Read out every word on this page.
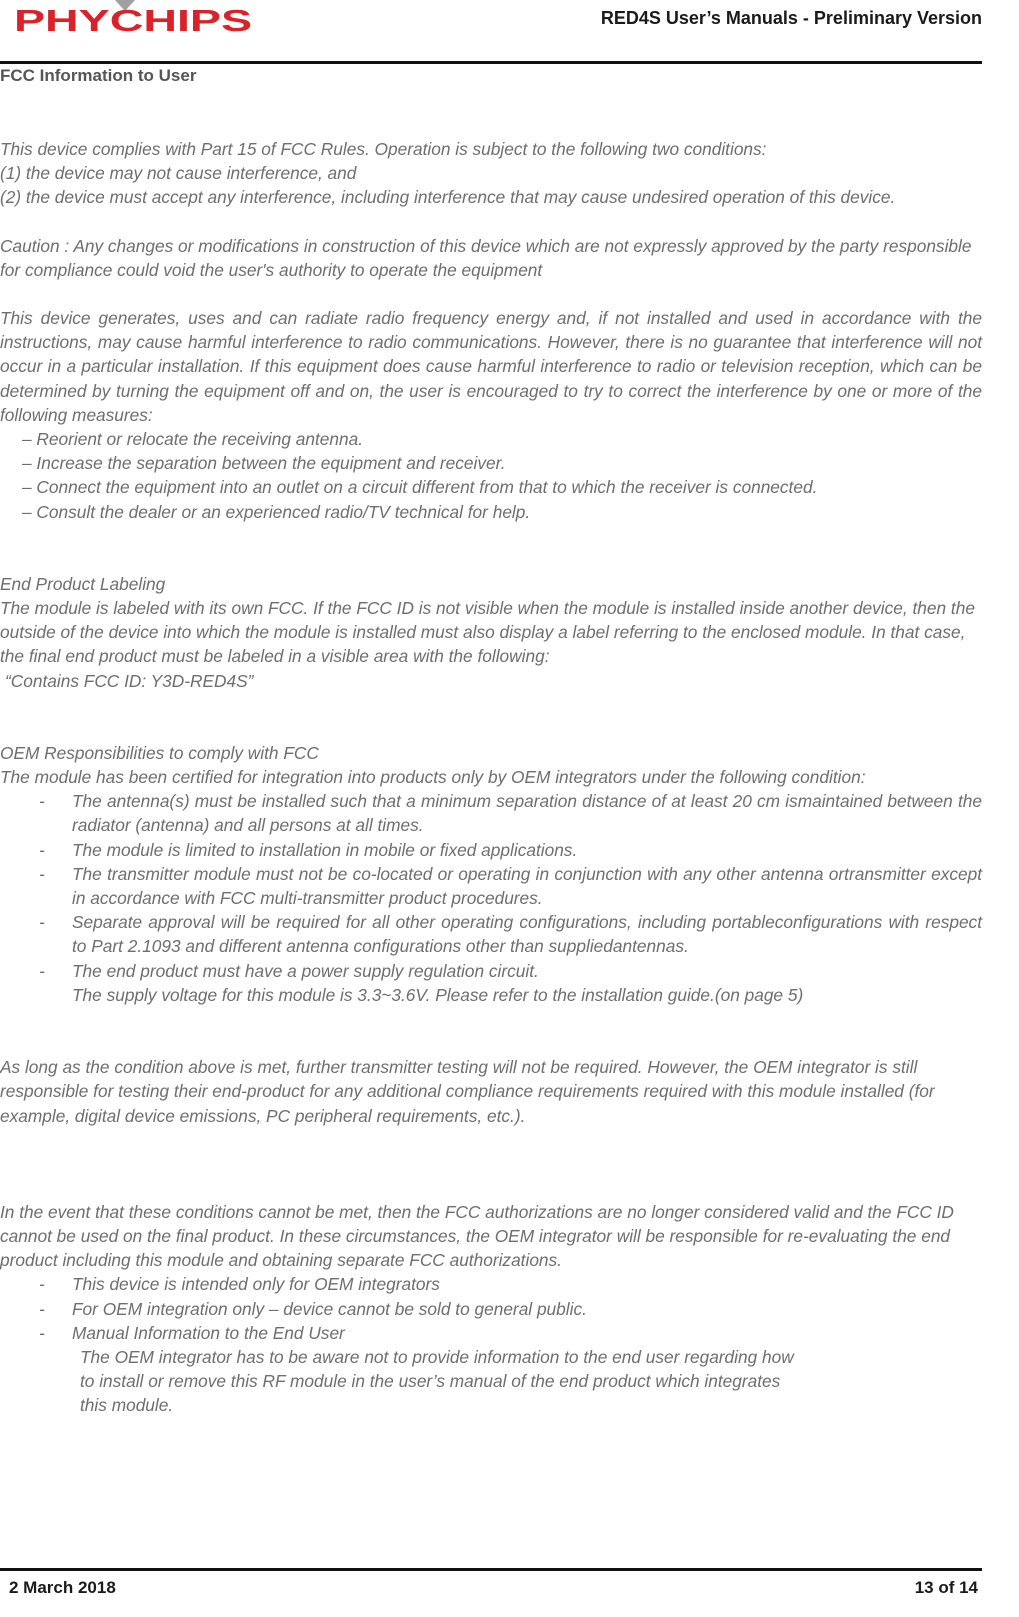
PHYCHIPS	RED4S User’s Manuals - Preliminary Version
FCC Information to User

This device complies with Part 15 of FCC Rules. Operation is subject to the following two conditions:

(1) the device may not cause interference, and

(2) the device must accept any interference, including interference that may cause undesired operation of this device.

Caution : Any changes or modifications in construction of this device which are not expressly approved by the party responsible for compliance could void the user's authority to operate the equipment

This device generates, uses and can radiate radio frequency energy and, if not installed and used in accordance with the instructions, may cause harmful interference to radio communications. However, there is no guarantee that interference will not occur in a particular installation. If this equipment does cause harmful interference to radio or television reception, which can be determined by turning the equipment off and on, the user is encouraged to try to correct the interference by one or more of the following measures:

– Reorient or relocate the receiving antenna.

– Increase the separation between the equipment and receiver.

– Connect the equipment into an outlet on a circuit different from that to which the receiver is connected.

– Consult the dealer or an experienced radio/TV technical for help.

End Product Labeling

The module is labeled with its own FCC. If the FCC ID is not visible when the module is installed inside another device, then the outside of the device into which the module is installed must also display a label referring to the enclosed module. In that case, the final end product must be labeled in a visible area with the following:

“Contains FCC ID: Y3D-RED4S”

OEM Responsibilities to comply with FCC

The module has been certified for integration into products only by OEM integrators under the following condition:

-	The antenna(s) must be installed such that a minimum separation distance of at least 20 cm ismaintained between the radiator (antenna) and all persons at all times.
-	The module is limited to installation in mobile or fixed applications.
-	The transmitter module must not be co-located or operating in conjunction with any other antenna ortransmitter except in accordance with FCC multi-transmitter product procedures.
-	Separate approval will be required for all other operating configurations, including portableconfigurations with respect to Part 2.1093 and different antenna configurations other than suppliedantennas.
-	The end product must have a power supply regulation circuit.

The supply voltage for this module is 3.3~3.6V. Please refer to the installation guide.(on page 5)

As long as the condition above is met, further transmitter testing will not be required. However, the OEM integrator is still responsible for testing their end-product for any additional compliance requirements required with this module installed (for example, digital device emissions, PC peripheral requirements, etc.).

In the event that these conditions cannot be met, then the FCC authorizations are no longer considered valid and the FCC ID cannot be used on the final product. In these circumstances, the OEM integrator will be responsible for re-evaluating the end product including this module and obtaining separate FCC authorizations.

-	This device is intended only for OEM integrators
-	For OEM integration only – device cannot be sold to general public.
-	Manual Information to the End User

The OEM integrator has to be aware not to provide information to the end user regarding how

to install or remove this RF module in the user’s manual of the end product which integrates

this module.

2 March 2018	13 of 14
